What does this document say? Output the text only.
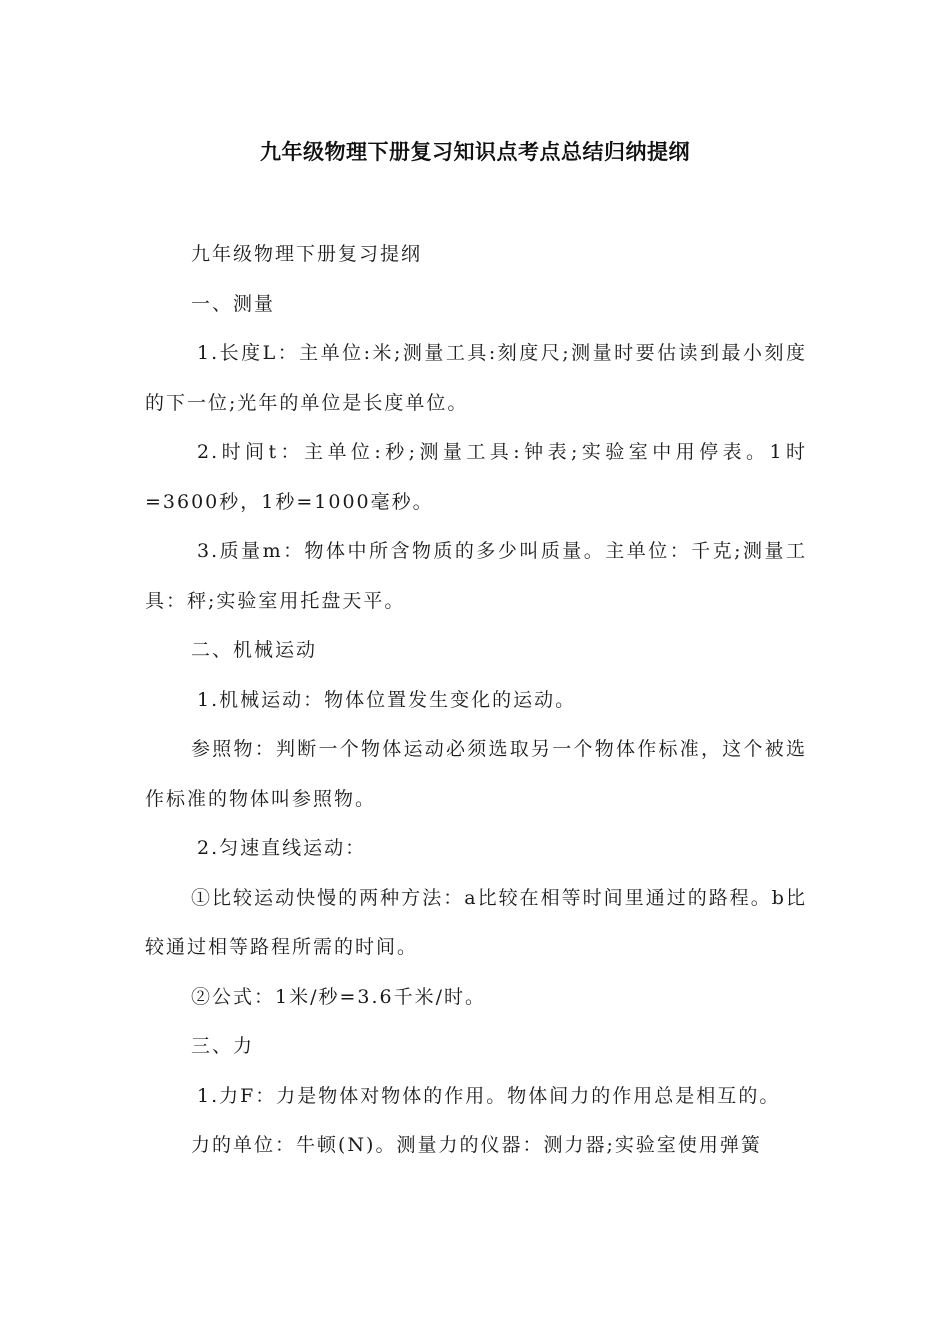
九年级物理下册复习知识点考点总结归纳提纲

九年级物理下册复习提纲

一、测量

1.长度L：主单位:米;测量工具:刻度尺;测量时要估读到最小刻度的下一位;光年的单位是长度单位。

2.时间t：主单位:秒;测量工具:钟表;实验室中用停表。1时=3600秒，1秒=1000毫秒。

3.质量m：物体中所含物质的多少叫质量。主单位：千克;测量工具：秤;实验室用托盘天平。

二、机械运动

1.机械运动：物体位置发生变化的运动。

参照物：判断一个物体运动必须选取另一个物体作标准，这个被选作标准的物体叫参照物。

2.匀速直线运动：

①比较运动快慢的两种方法：a比较在相等时间里通过的路程。b比较通过相等路程所需的时间。

②公式：1米/秒=3.6千米/时。

三、力

1.力F：力是物体对物体的作用。物体间力的作用总是相互的。

力的单位：牛顿(N)。测量力的仪器：测力器;实验室使用弹簧
